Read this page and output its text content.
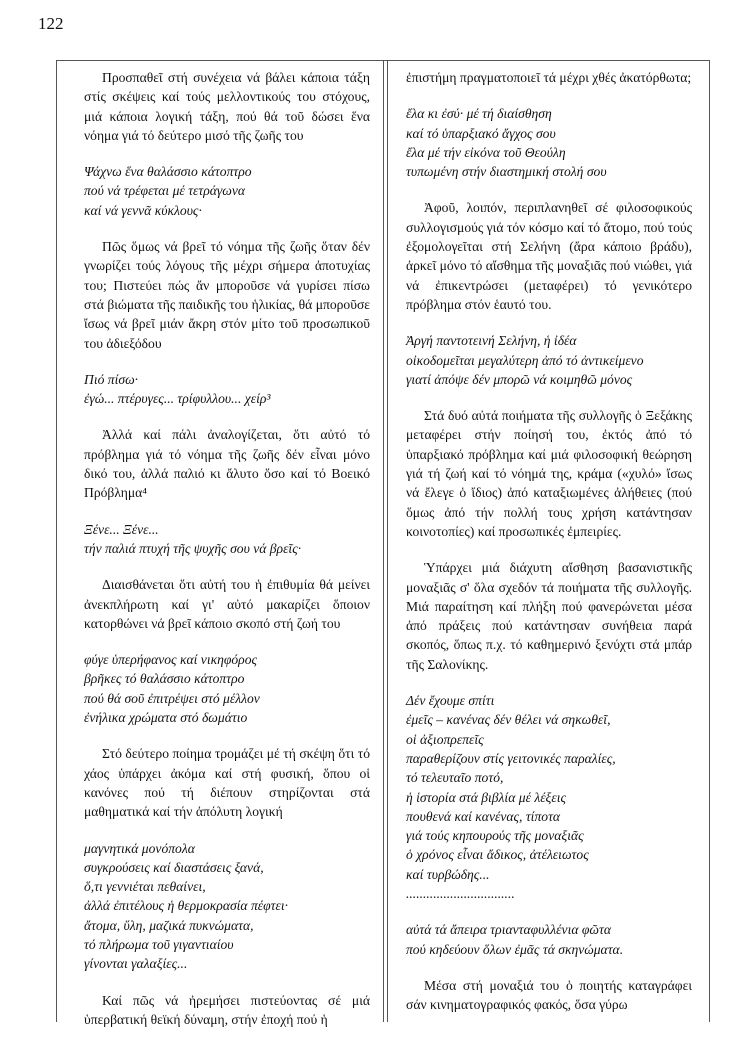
122

Προσπαθεῖ στή συνέχεια νά βάλει κάποια τάξη στίς σκέψεις καί τούς μελλοντικούς του στόχους, μιά κάποια λογική τάξη, πού θά τοῦ δώσει ἕνα νόημα γιά τό δεύτερο μισό τῆς ζωῆς του

Ψάχνω ἕνα θαλάσσιο κάτοπτρο
πού νά τρέφεται μέ τετράγωνα
καί νά γεννᾶ κύκλους·

Πῶς ὅμως νά βρεῖ τό νόημα τῆς ζωῆς ὅταν δέν γνωρίζει τούς λόγους τῆς μέχρι σήμερα ἀποτυχίας του; Πιστεύει πώς ἄν μποροῦσε νά γυρίσει πίσω στά βιώματα τῆς παιδικῆς του ἡλικίας, θά μποροῦσε ἴσως νά βρεῖ μιάν ἄκρη στόν μίτο τοῦ προσωπικοῦ του ἀδιεξόδου

Πιό πίσω·
ἐγώ... πτέρυγες... τρίφυλλου... χείρ³

Ἀλλά καί πάλι ἀναλογίζεται, ὅτι αὐτό τό πρόβλημα γιά τό νόημα τῆς ζωῆς δέν εἶναι μόνο δικό του, ἀλλά παλιό κι ἄλυτο ὅσο καί τό Βοεικό Πρόβλημα⁴

Ξένε... Ξένε...
τήν παλιά πτυχή τῆς ψυχῆς σου νά βρεῖς·

Διαισθάνεται ὅτι αὐτή του ἡ ἐπιθυμία θά μείνει ἀνεκπλήρωτη καί γι' αὐτό μακαρίζει ὅποιον κατορθώνει νά βρεῖ κάποιο σκοπό στή ζωή του

φύγε ὑπερήφανος καί νικηφόρος
βρῆκες τό θαλάσσιο κάτοπτρο
πού θά σοῦ ἐπιτρέψει στό μέλλον
ἐνήλικα χρώματα στό δωμάτιο

Στό δεύτερο ποίημα τρομάζει μέ τή σκέψη ὅτι τό χάος ὑπάρχει ἀκόμα καί στή φυσική, ὅπου οἱ κανόνες πού τή διέπουν στηρίζονται στά μαθηματικά καί τήν ἀπόλυτη λογική

μαγνητικά μονόπολα
συγκρούσεις καί διαστάσεις ξανά,
ὅ,τι γεννιέται πεθαίνει,
ἀλλά ἐπιτέλους ἡ θερμοκρασία πέφτει·
ἄτομα, ὕλη, μαζικά πυκνώματα,
τό πλήρωμα τοῦ γιγαντιαίου
γίνονται γαλαξίες...

Καί πῶς νά ἠρεμήσει πιστεύοντας σέ μιά ὑπερβατική θεϊκή δύναμη, στήν ἐποχή πού ἡ

ἐπιστήμη πραγματοποιεῖ τά μέχρι χθές ἀκατόρθωτα;

ἔλα κι ἐσύ· μέ τή διαίσθηση
καί τό ὑπαρξιακό ἄγχος σου
ἔλα μέ τήν εἰκόνα τοῦ Θεούλη
τυπωμένη στήν διαστημική στολή σου

Ἀφοῦ, λοιπόν, περιπλανηθεῖ σέ φιλοσοφικούς συλλογισμούς γιά τόν κόσμο καί τό ἄτομο, πού τούς ἐξομολογεῖται στή Σελήνη (ἄρα κάποιο βράδυ), ἀρκεῖ μόνο τό αἴσθημα τῆς μοναξιᾶς πού νιώθει, γιά νά ἐπικεντρώσει (μεταφέρει) τό γενικότερο πρόβλημα στόν ἑαυτό του.

Ἀργή παντοτεινή Σελήνη, ἡ ἰδέα
οἰκοδομεῖται μεγαλύτερη ἀπό τό ἀντικείμενο
γιατί ἀπόψε δέν μπορῶ νά κοιμηθῶ μόνος

Στά δυό αὐτά ποιήματα τῆς συλλογῆς ὁ Ξεξάκης μεταφέρει στήν ποίησή του, ἐκτός ἀπό τό ὑπαρξιακό πρόβλημα καί μιά φιλοσοφική θεώρηση γιά τή ζωή καί τό νόημά της, κράμα («χυλό» ἴσως νά ἔλεγε ὁ ἴδιος) ἀπό καταξιωμένες ἀλήθειες (πού ὅμως ἀπό τήν πολλή τους χρήση κατάντησαν κοινοτοπίες) καί προσωπικές ἐμπειρίες.

Ὑπάρχει μιά διάχυτη αἴσθηση βασανιστικῆς μοναξιᾶς σ' ὅλα σχεδόν τά ποιήματα τῆς συλλογῆς. Μιά παραίτηση καί πλήξη πού φανερώνεται μέσα ἀπό πράξεις πού κατάντησαν συνήθεια παρά σκοπός, ὅπως π.χ. τό καθημερινό ξενύχτι στά μπάρ τῆς Σαλονίκης.

Δέν ἔχουμε σπίτι
ἐμεῖς – κανένας δέν θέλει νά σηκωθεῖ,
οἱ ἀξιοπρεπεῖς
παραθερίζουν στίς γειτονικές παραλίες,
τό τελευταῖο ποτό,
ἡ ἱστορία στά βιβλία μέ λέξεις
πουθενά καί κανένας, τίποτα
γιά τούς κηπουρούς τῆς μοναξιᾶς
ὁ χρόνος εἶναι ἄδικος, ἀτέλειωτος
καί τυρβώδης...
................................
αὐτά τά ἄπειρα τριανταφυλλένια φῶτα
πού κηδεύουν ὅλων ἐμᾶς τά σκηνώματα.

Μέσα στή μοναξιά του ὁ ποιητής καταγράφει σάν κινηματογραφικός φακός, ὅσα γύρω
